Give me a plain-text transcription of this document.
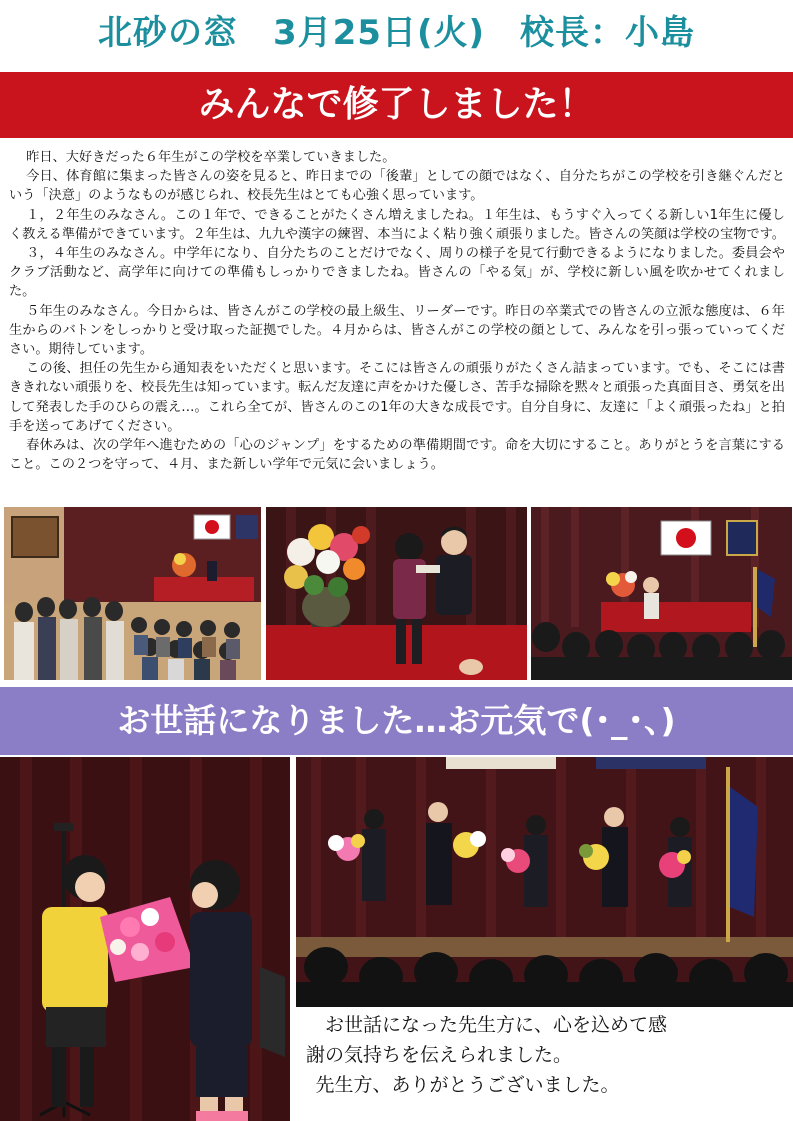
北砂の窓　3月25日(火)　校長：小島
みんなで修了しました！

昨日、大好きだった６年生がこの学校を卒業していきました。

今日、体育館に集まった皆さんの姿を見ると、昨日までの「後輩」としての顔ではなく、自分たちがこの学校を引き継ぐんだという「決意」のようなものが感じられ、校長先生はとても心強く思っています。

１，２年生のみなさん。この１年で、できることがたくさん増えましたね。１年生は、もうすぐ入ってくる新しい1年生に優しく教える準備ができています。２年生は、九九や漢字の練習、本当によく粘り強く頑張りました。皆さんの笑顔は学校の宝物です。

３，４年生のみなさん。中学年になり、自分たちのことだけでなく、周りの様子を見て行動できるようになりました。委員会やクラブ活動など、高学年に向けての準備もしっかりできましたね。皆さんの「やる気」が、学校に新しい風を吹かせてくれました。

５年生のみなさん。今日からは、皆さんがこの学校の最上級生、リーダーです。昨日の卒業式での皆さんの立派な態度は、６年生からのバトンをしっかりと受け取った証拠でした。４月からは、皆さんがこの学校の顔として、みんなを引っ張っていってください。期待しています。

この後、担任の先生から通知表をいただくと思います。そこには皆さんの頑張りがたくさん詰まっています。でも、そこには書ききれない頑張りを、校長先生は知っています。転んだ友達に声をかけた優しさ、苦手な掃除を黙々と頑張った真面目さ、勇気を出して発表した手のひらの震え…。これら全てが、皆さんのこの1年の大きな成長です。自分自身に、友達に「よく頑張ったね」と拍手を送ってあげてください。

春休みは、次の学年へ進むための「心のジャンプ」をするための準備期間です。命を大切にすること。ありがとうを言葉にすること。この２つを守って、４月、また新しい学年で元気に会いましょう。

お世話になりました…お元気で(･_･、)

お世話になった先生方に、心を込めて感

謝の気持ちを伝えられました。

先生方、ありがとうございました。
